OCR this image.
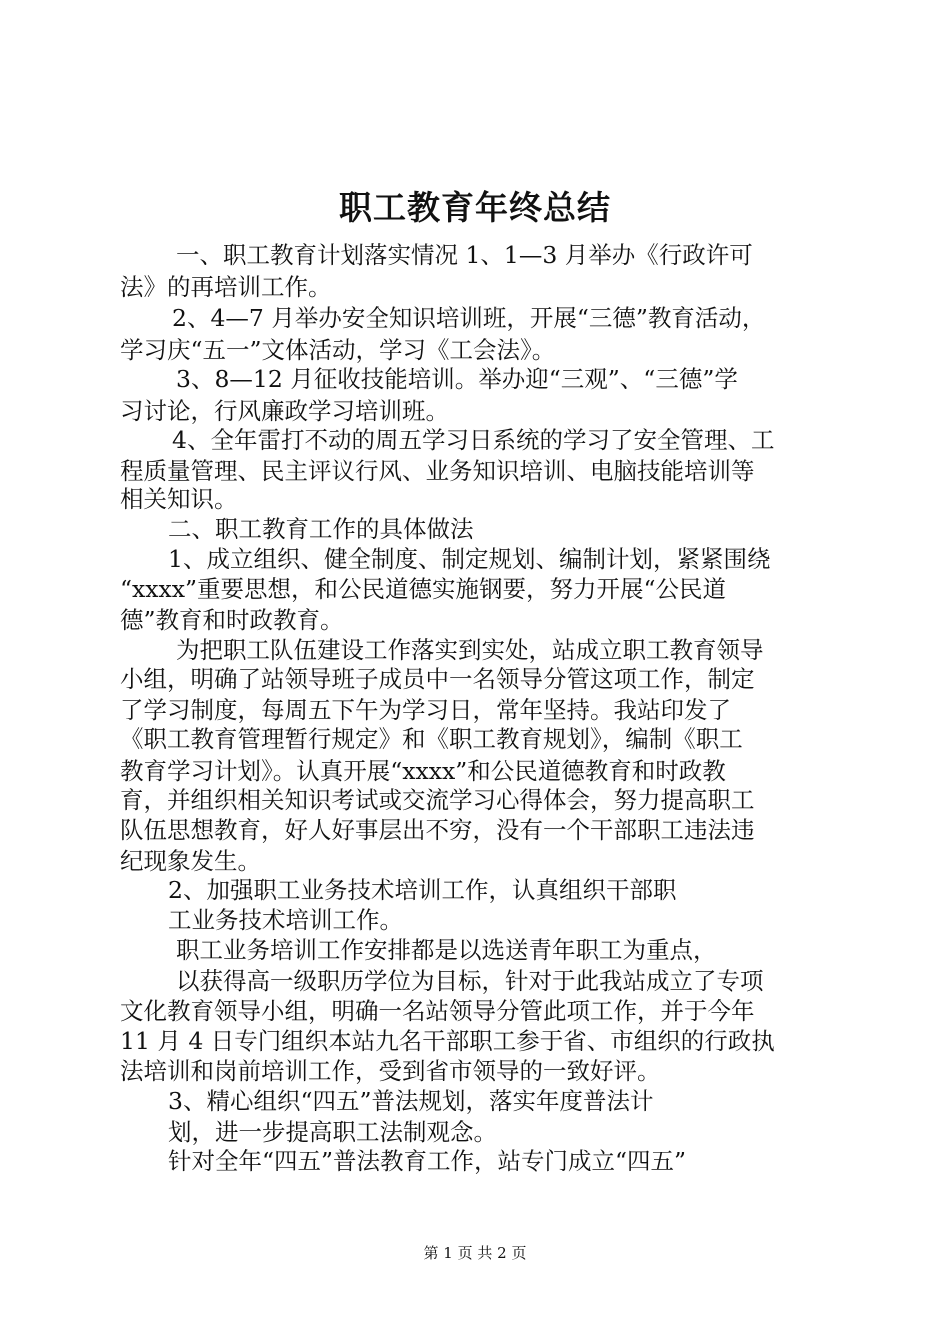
职工教育年终总结
一、职工教育计划落实情况 1、1—3 月举办《行政许可
法》的再培训工作。
2、4—7 月举办安全知识培训班，开展“三德”教育活动，
学习庆“五一”文体活动，学习《工会法》。
3、8—12 月征收技能培训。举办迎“三观”、“三德”学
习讨论，行风廉政学习培训班。
4、全年雷打不动的周五学习日系统的学习了安全管理、工
程质量管理、民主评议行风、业务知识培训、电脑技能培训等
相关知识。
二、职工教育工作的具体做法
1、成立组织、健全制度、制定规划、编制计划，紧紧围绕
“xxxx”重要思想，和公民道德实施钢要，努力开展“公民道
德”教育和时政教育。
为把职工队伍建设工作落实到实处，站成立职工教育领导
小组，明确了站领导班子成员中一名领导分管这项工作，制定
了学习制度，每周五下午为学习日，常年坚持。我站印发了
《职工教育管理暂行规定》和《职工教育规划》，编制《职工
教育学习计划》。认真开展“xxxx”和公民道德教育和时政教
育，并组织相关知识考试或交流学习心得体会，努力提高职工
队伍思想教育，好人好事层出不穷，没有一个干部职工违法违
纪现象发生。
2、加强职工业务技术培训工作，认真组织干部职
工业务技术培训工作。
职工业务培训工作安排都是以选送青年职工为重点，
以获得高一级职历学位为目标，针对于此我站成立了专项
文化教育领导小组，明确一名站领导分管此项工作，并于今年
11 月 4 日专门组织本站九名干部职工参于省、市组织的行政执
法培训和岗前培训工作，受到省市领导的一致好评。
3、精心组织“四五”普法规划，落实年度普法计
划，进一步提高职工法制观念。
针对全年“四五”普法教育工作，站专门成立“四五”
第 1 页 共 2 页
